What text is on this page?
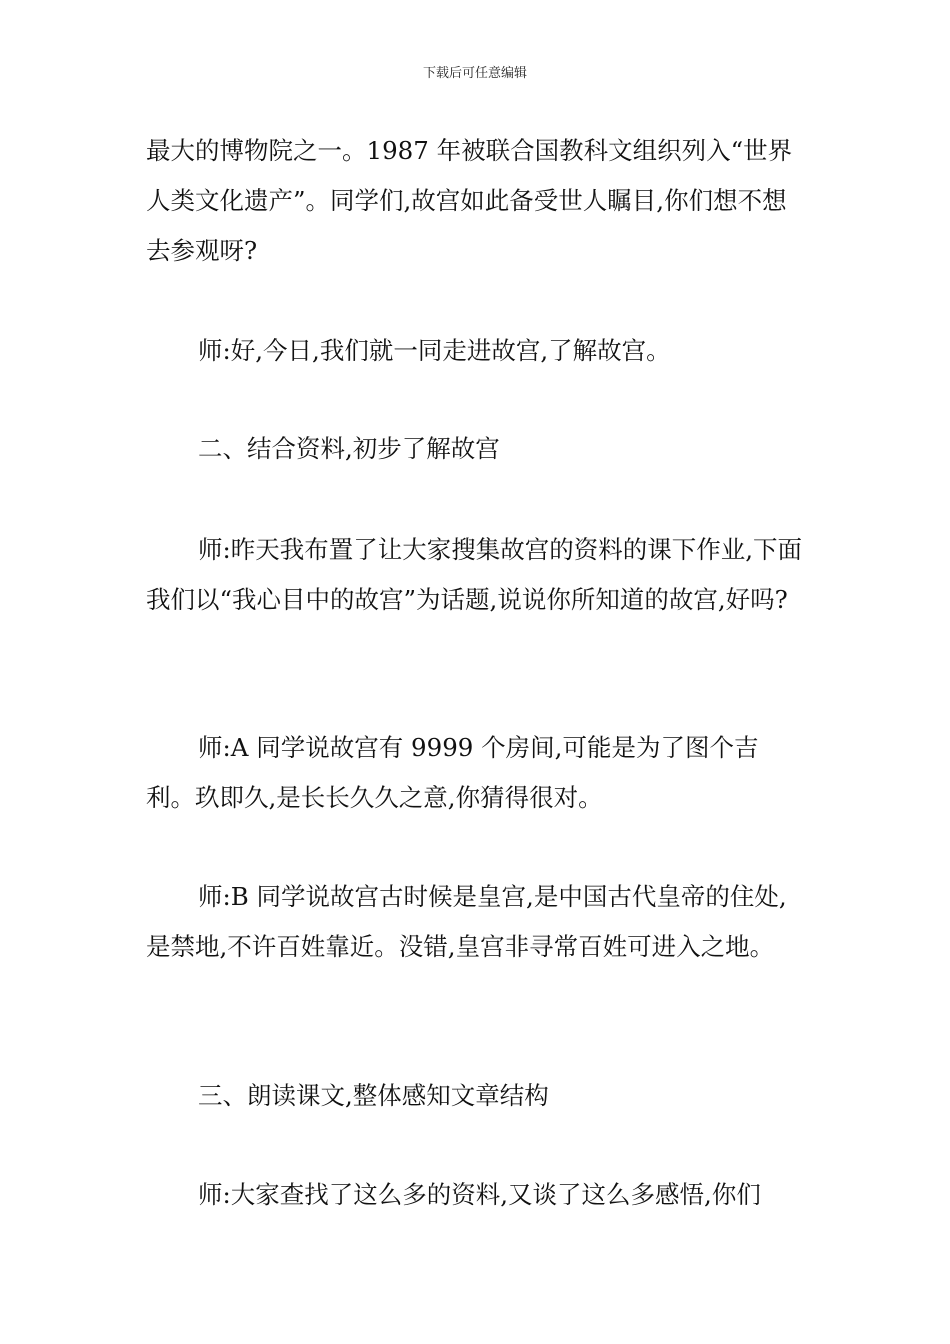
下载后可任意编辑

最大的博物院之一。1987 年被联合国教科文组织列入“世界人类文化遗产”。同学们,故宫如此备受世人瞩目,你们想不想去参观呀?

师:好,今日,我们就一同走进故宫,了解故宫。

二、结合资料,初步了解故宫

师:昨天我布置了让大家搜集故宫的资料的课下作业,下面我们以“我心目中的故宫”为话题,说说你所知道的故宫,好吗?

师:A 同学说故宫有 9999 个房间,可能是为了图个吉利。玖即久,是长长久久之意,你猜得很对。

师:B 同学说故宫古时候是皇宫,是中国古代皇帝的住处,是禁地,不许百姓靠近。没错,皇宫非寻常百姓可进入之地。

三、朗读课文,整体感知文章结构

师:大家查找了这么多的资料,又谈了这么多感悟,你们
